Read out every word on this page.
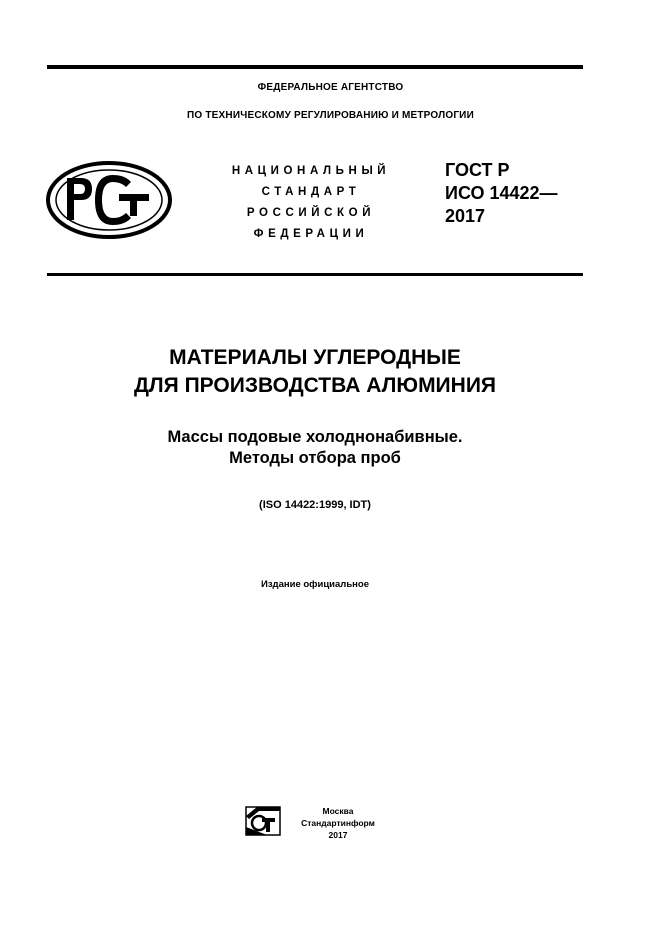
ФЕДЕРАЛЬНОЕ АГЕНТСТВО
ПО ТЕХНИЧЕСКОМУ РЕГУЛИРОВАНИЮ И МЕТРОЛОГИИ
НАЦИОНАЛЬНЫЙ
СТАНДАРТ
РОССИЙСКОЙ
ФЕДЕРАЦИИ
ГОСТ Р
ИСО 14422—
2017
МАТЕРИАЛЫ УГЛЕРОДНЫЕ
ДЛЯ ПРОИЗВОДСТВА АЛЮМИНИЯ
Массы подовые холоднонабивные.
Методы отбора проб
(ISO 14422:1999, IDT)
Издание официальное
Москва
Стандартинформ
2017
